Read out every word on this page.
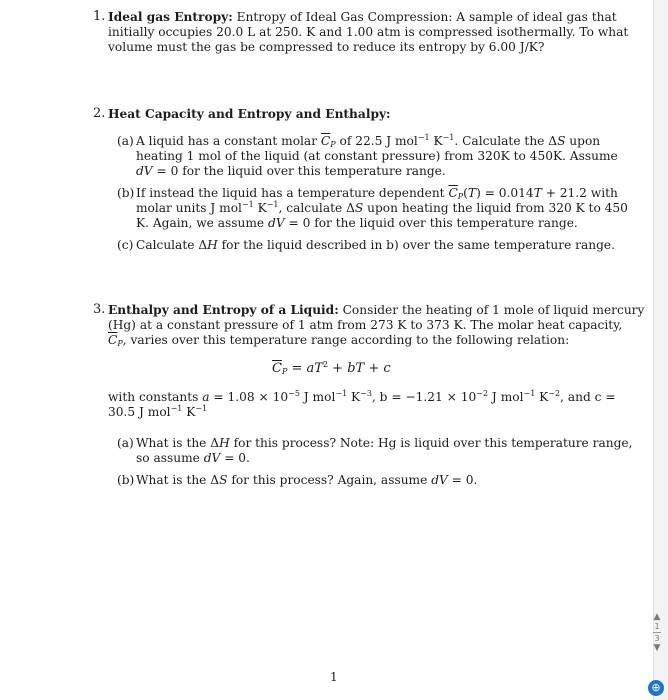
1. Ideal gas Entropy: Entropy of Ideal Gas Compression: A sample of ideal gas that
initially occupies 20.0 L at 250. K and 1.00 atm is compressed isothermally. To what
volume must the gas be compressed to reduce its entropy by 6.00 J/K?
2. Heat Capacity and Entropy and Enthalpy:
(a) A liquid has a constant molar $\overline{C}_P$ of 22.5 J mol$^{-1}$ $K^{-1}$. Calculate the ΔS upon
heating 1 mol of the liquid (at constant pressure) from 320K to 450K. Assume
dV = 0 for the liquid over this temperature range.
(b) If instead the liquid has a temperature dependent $\overline{C}_P(T) = 0.014T + 21.2$ with
molar units J mol$^{-1}$ $K^{-1}$, calculate ΔS upon heating the liquid from 320 K to 450
K. Again, we assume dV = 0 for the liquid over this temperature range.
(c) Calculate ΔH for the liquid described in b) over the same temperature range.
3. Enthalpy and Entropy of a Liquid: Consider the heating of 1 mole of liquid mercury
(Hg) at a constant pressure of 1 atm from 273 K to 373 K. The molar heat capacity,
$\overline{C}_P$, varies over this temperature range according to the following relation:
$\overline{C}_P = aT^2$ + bT + c
with constants $a = 1.08 \times 10^{-5}$ J mol$^{-1}$ $K^{-3}$, $b = -1.21 \times 10^{-2}$ J mol$^{-1}$ $K^{-2}$, and c =
30.5 J mol$^{-1}$ $K^{-1}$
(a) What is the ΔH for this process? Note: Hg is liquid over this temperature range,
so assume dV = 0.
(b) What is the ΔS for this process? Again, assume dV = 0.
1
▲
1
3
▼
⊕
